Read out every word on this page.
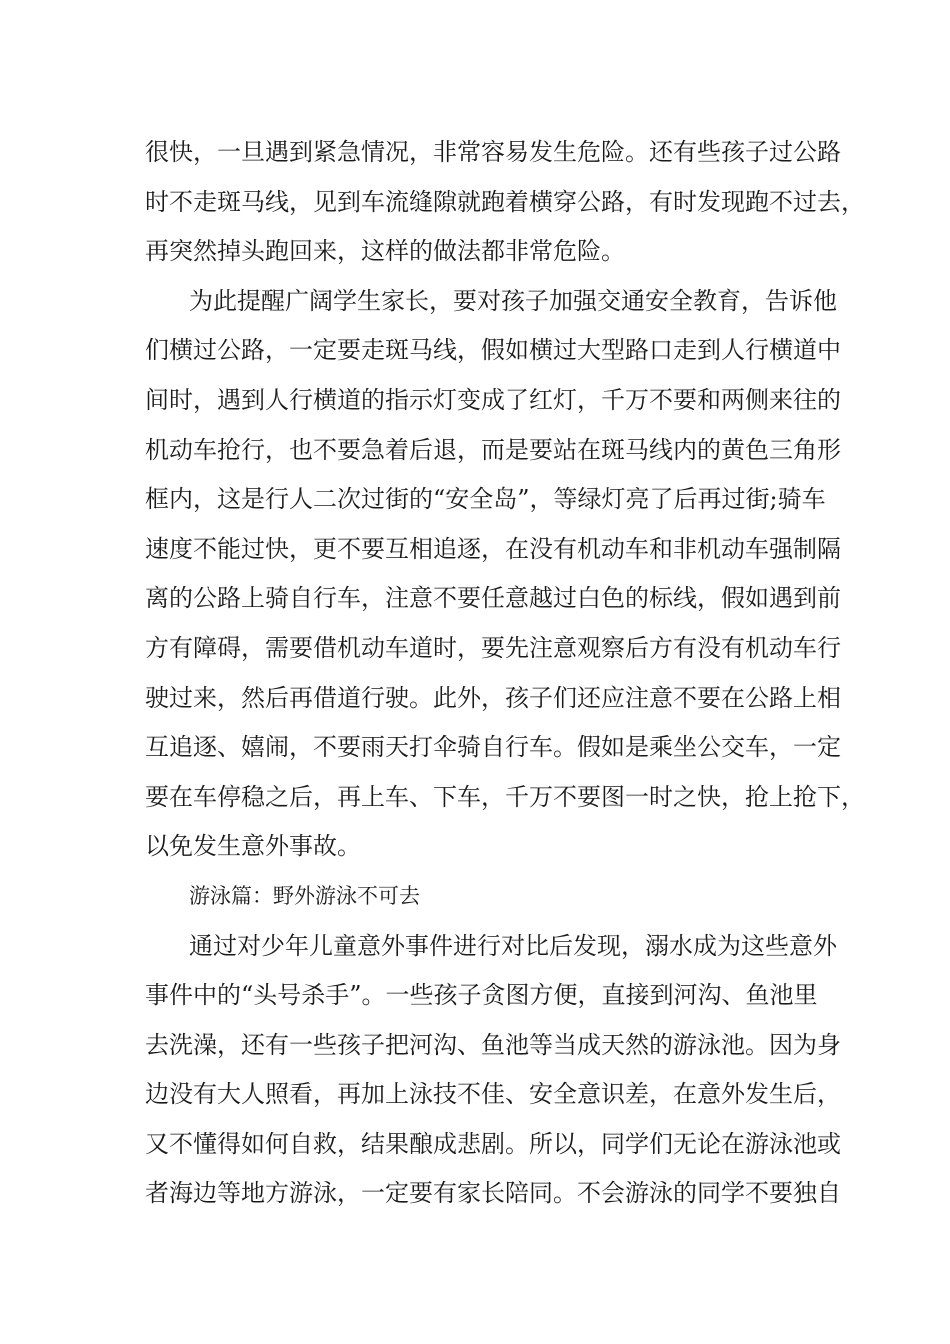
很快，一旦遇到紧急情况，非常容易发生危险。还有些孩子过公路
时不走斑马线，见到车流缝隙就跑着横穿公路，有时发现跑不过去，
再突然掉头跑回来，这样的做法都非常危险。
为此提醒广阔学生家长，要对孩子加强交通安全教育，告诉他
们横过公路，一定要走斑马线，假如横过大型路口走到人行横道中
间时，遇到人行横道的指示灯变成了红灯，千万不要和两侧来往的
机动车抢行，也不要急着后退，而是要站在斑马线内的黄色三角形
框内，这是行人二次过街的“安全岛”，等绿灯亮了后再过街;骑车
速度不能过快，更不要互相追逐，在没有机动车和非机动车强制隔
离的公路上骑自行车，注意不要任意越过白色的标线，假如遇到前
方有障碍，需要借机动车道时，要先注意观察后方有没有机动车行
驶过来，然后再借道行驶。此外，孩子们还应注意不要在公路上相
互追逐、嬉闹，不要雨天打伞骑自行车。假如是乘坐公交车，一定
要在车停稳之后，再上车、下车，千万不要图一时之快，抢上抢下，
以免发生意外事故。
游泳篇：野外游泳不可去
通过对少年儿童意外事件进行对比后发现，溺水成为这些意外
事件中的“头号杀手”。一些孩子贪图方便，直接到河沟、鱼池里
去洗澡，还有一些孩子把河沟、鱼池等当成天然的游泳池。因为身
边没有大人照看，再加上泳技不佳、安全意识差，在意外发生后，
又不懂得如何自救，结果酿成悲剧。所以，同学们无论在游泳池或
者海边等地方游泳，一定要有家长陪同。不会游泳的同学不要独自
